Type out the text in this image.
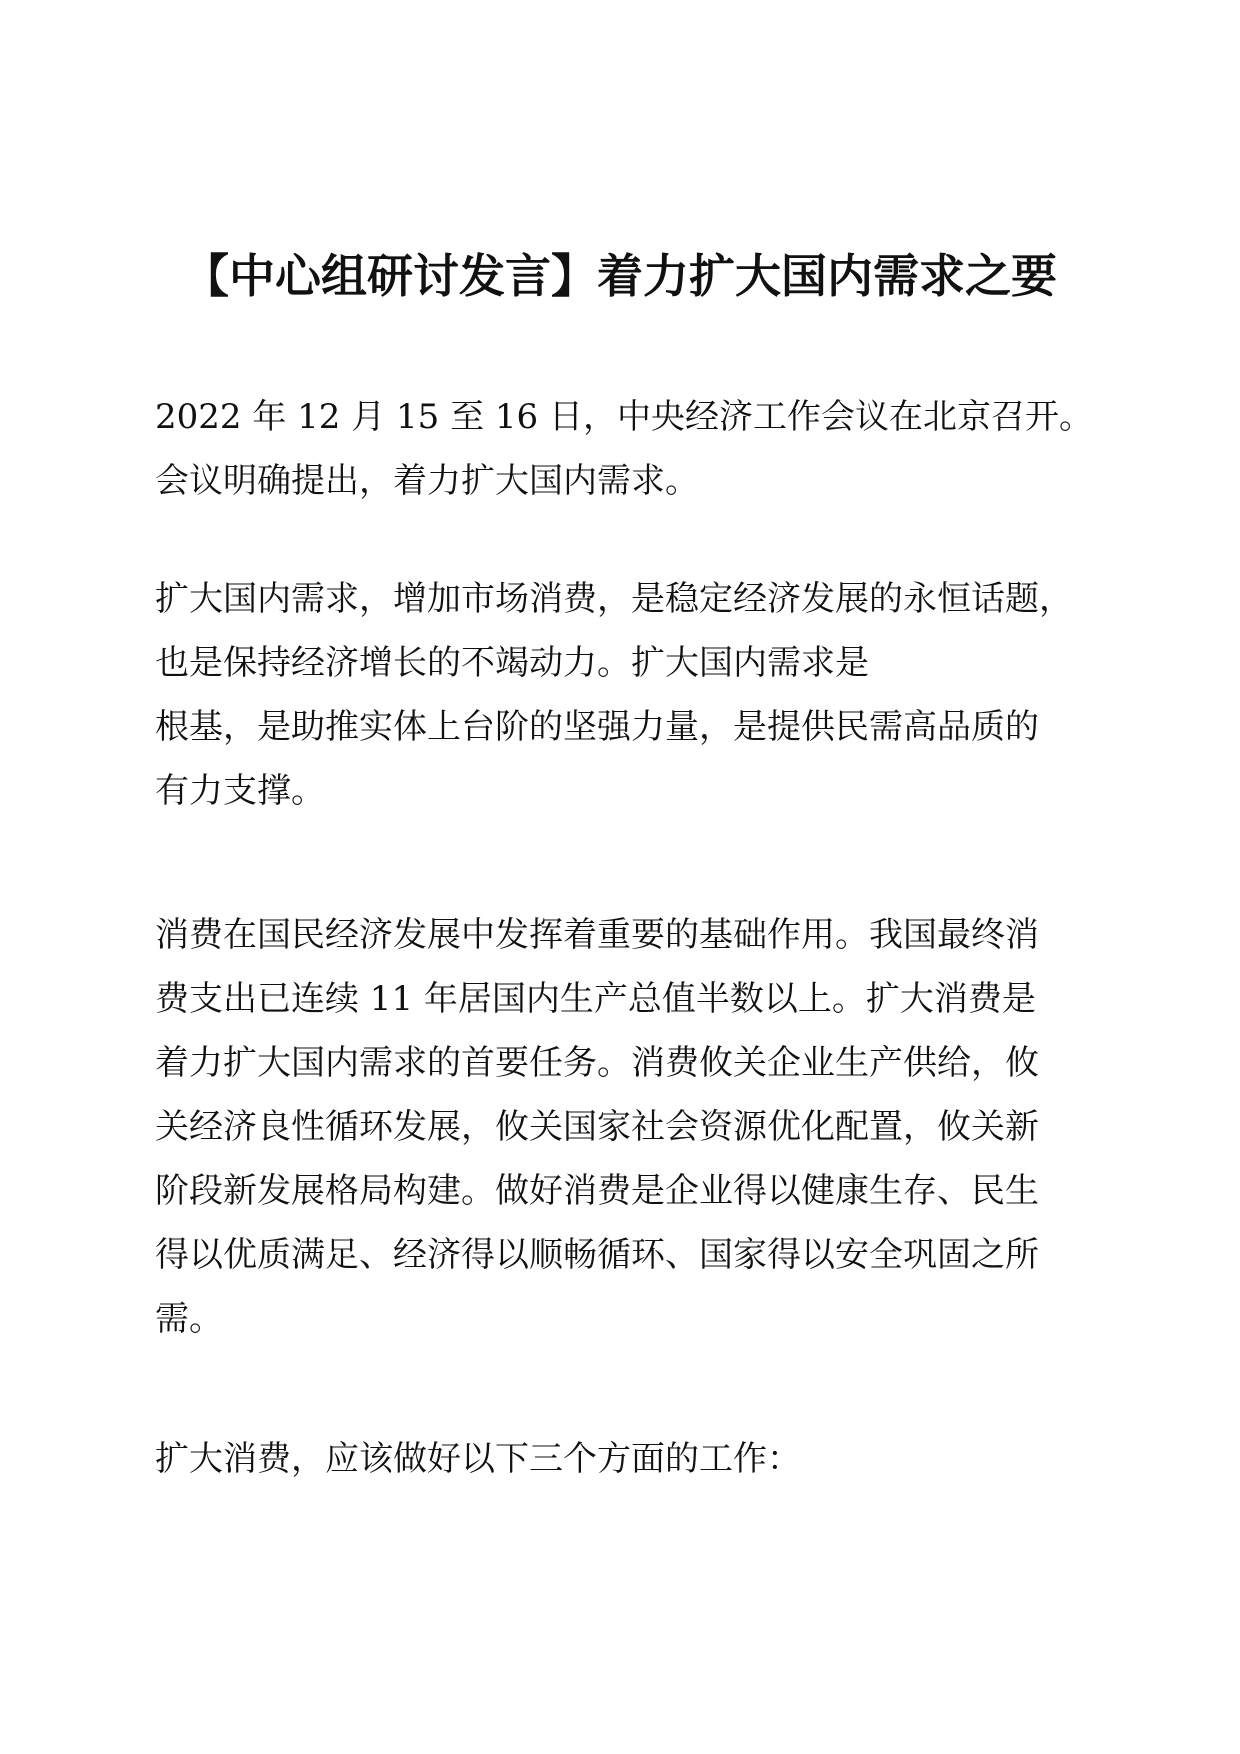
【中心组研讨发言】着力扩大国内需求之要
2022 年 12 月 15 至 16 日，中央经济工作会议在北京召开。
会议明确提出，着力扩大国内需求。
扩大国内需求，增加市场消费，是稳定经济发展的永恒话题，
也是保持经济增长的不竭动力。扩大国内需求是
根基，是助推实体上台阶的坚强力量，是提供民需高品质的
有力支撑。
消费在国民经济发展中发挥着重要的基础作用。我国最终消
费支出已连续 11 年居国内生产总值半数以上。扩大消费是
着力扩大国内需求的首要任务。消费攸关企业生产供给，攸
关经济良性循环发展，攸关国家社会资源优化配置，攸关新
阶段新发展格局构建。做好消费是企业得以健康生存、民生
得以优质满足、经济得以顺畅循环、国家得以安全巩固之所
需。
扩大消费，应该做好以下三个方面的工作：
